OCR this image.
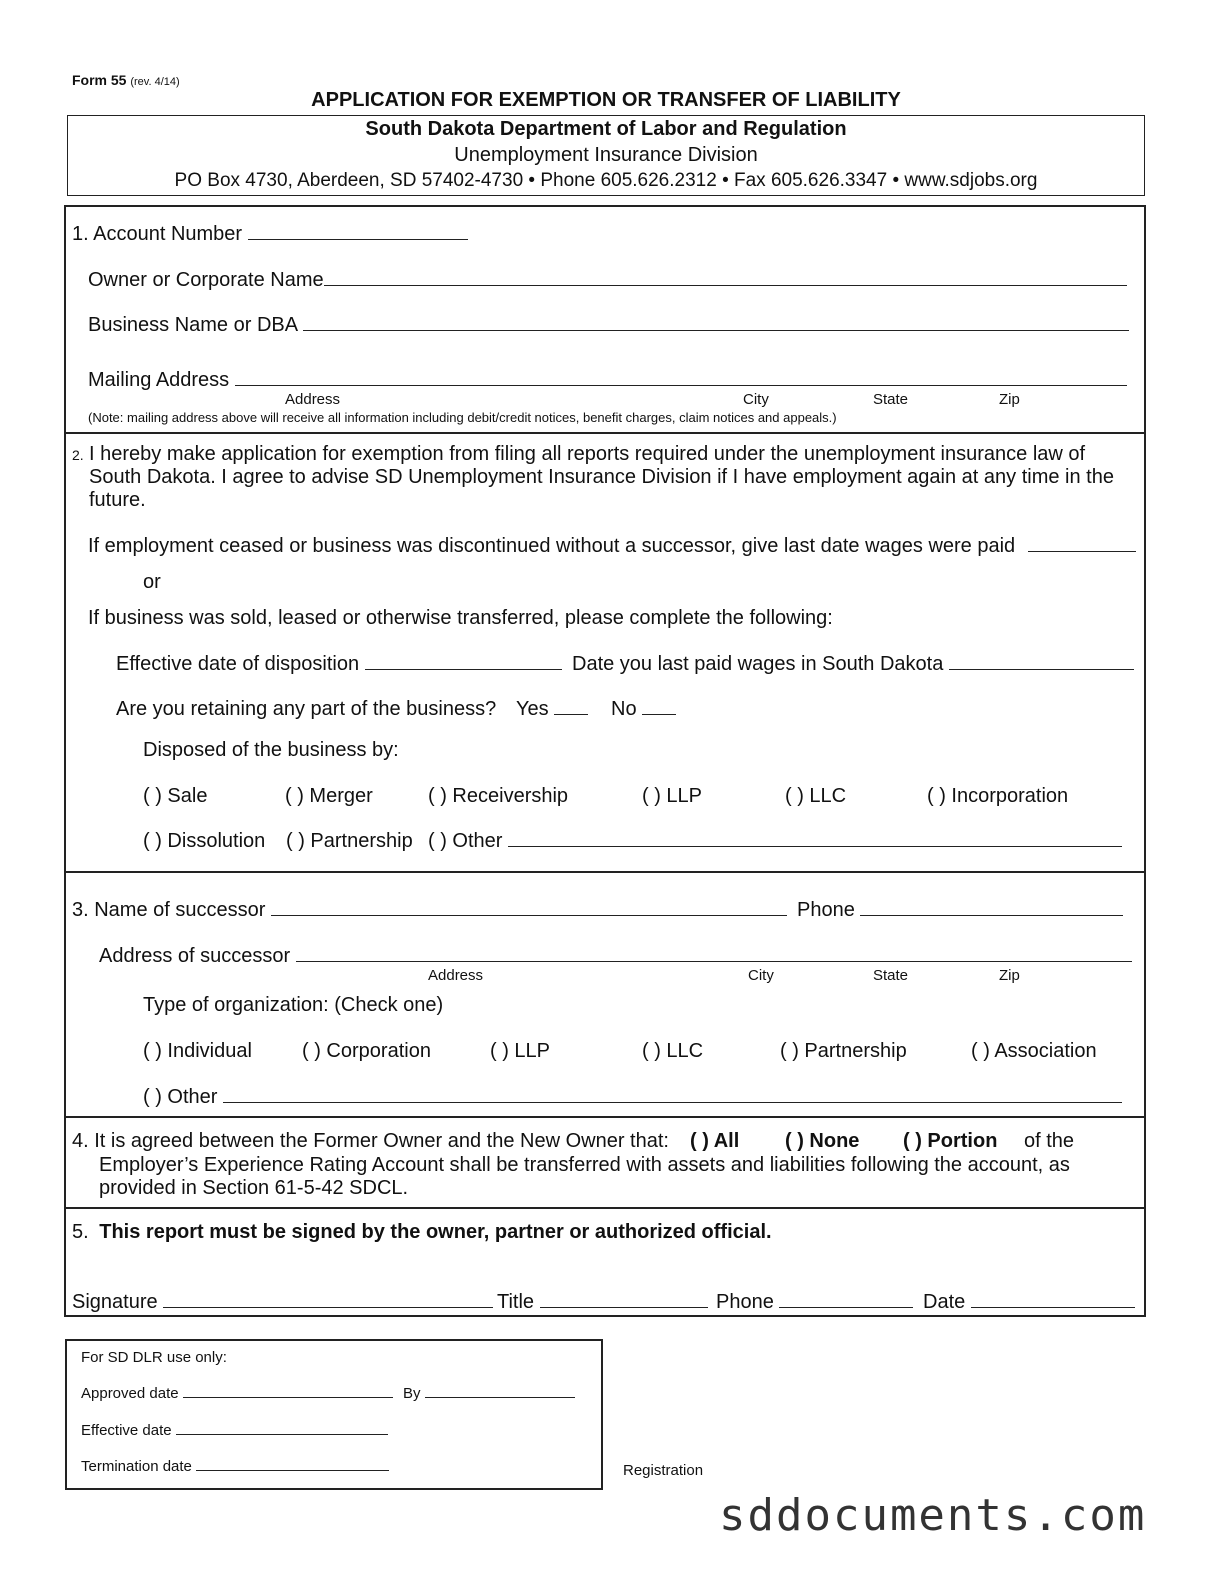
Form 55 (rev. 4/14)
APPLICATION FOR EXEMPTION OR TRANSFER OF LIABILITY
South Dakota Department of Labor and Regulation
Unemployment Insurance Division
PO Box 4730, Aberdeen, SD 57402-4730 • Phone 605.626.2312 • Fax 605.626.3347 • www.sdjobs.org
1. Account Number
Owner or Corporate Name
Business Name or DBA
Mailing Address
Address	City	State	Zip
(Note: mailing address above will receive all information including debit/credit notices, benefit charges, claim notices and appeals.)
2. I hereby make application for exemption from filing all reports required under the unemployment insurance law of
South Dakota. I agree to advise SD Unemployment Insurance Division if I have employment again at any time in the
future.
If employment ceased or business was discontinued without a successor, give last date wages were paid
or
If business was sold, leased or otherwise transferred, please complete the following:
Effective date of disposition	Date you last paid wages in South Dakota
Are you retaining any part of the business? Yes	No
Disposed of the business by:
( ) Sale	( ) Merger	( ) Receivership	( ) LLP	( ) LLC	( ) Incorporation
( ) Dissolution ( ) Partnership ( ) Other
3. Name of successor	Phone
Address of successor
Address	City	State	Zip
Type of organization: (Check one)
( ) Individual	( ) Corporation	( ) LLP	( ) LLC	( ) Partnership	( ) Association
( ) Other
4. It is agreed between the Former Owner and the New Owner that: ( ) All ( ) None ( ) Portion of the
Employer’s Experience Rating Account shall be transferred with assets and liabilities following the account, as
provided in Section 61-5-42 SDCL.
5. This report must be signed by the owner, partner or authorized official.
Signature	Title	Phone	Date
For SD DLR use only:
Approved date	By
Effective date
Termination date	Registration
sddocuments.com
